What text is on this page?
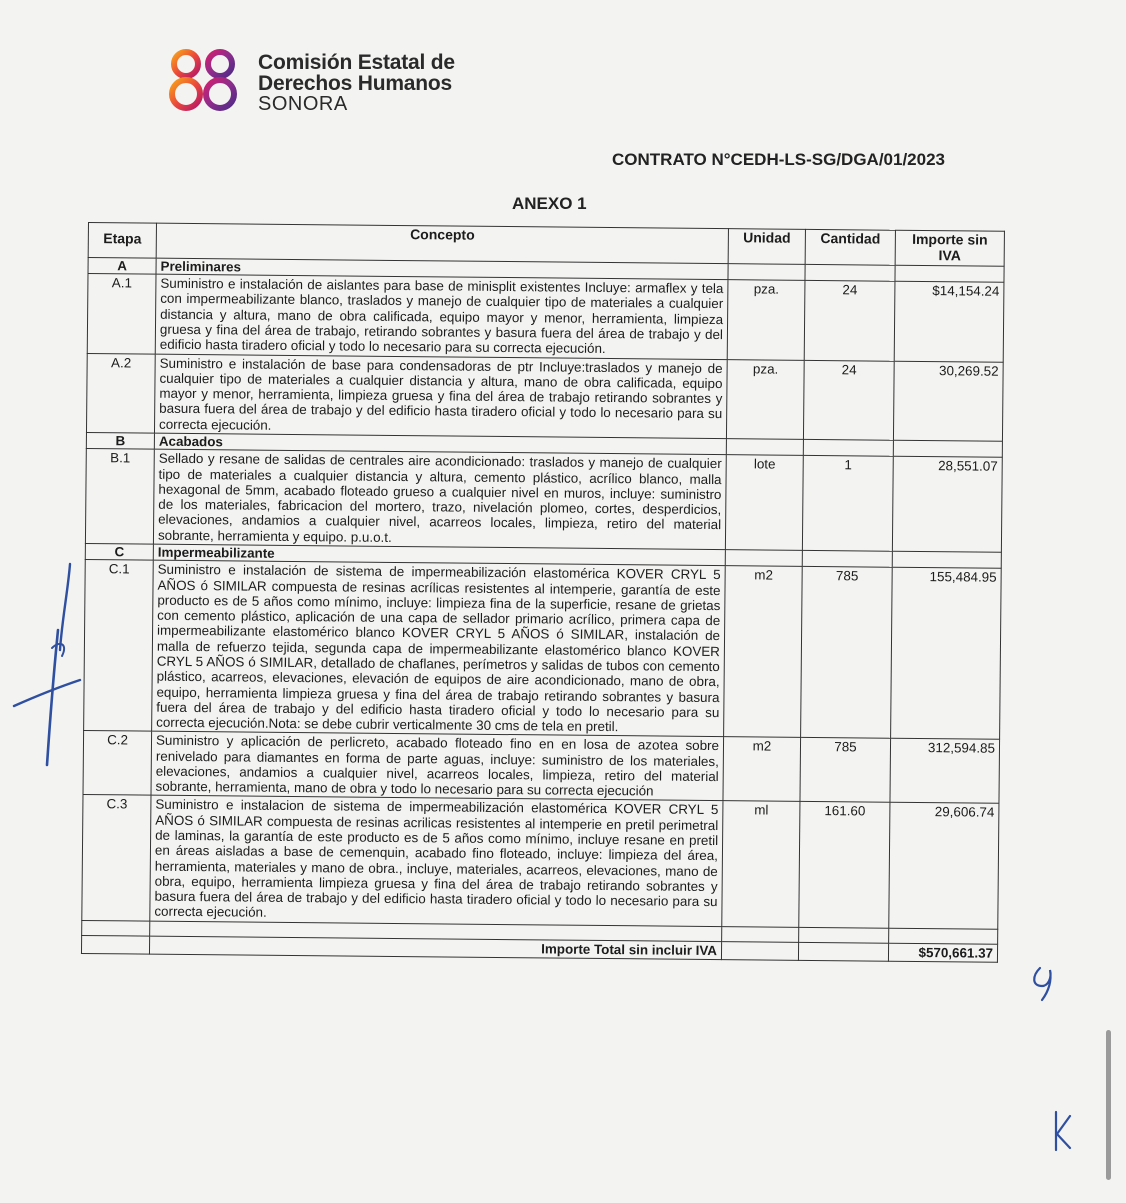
Comisión Estatal de
Derechos Humanos
SONORA
CONTRATO N°CEDH-LS-SG/DGA/01/2023
ANEXO 1
Etapa	Concepto	Unidad	Cantidad	Importe sin IVA
A	Preliminares			
A.1	Suministro e instalación de aislantes para base de minisplit existentes Incluye: armaflex y tela con impermeabilizante blanco, traslados y manejo de cualquier tipo de materiales a cualquier distancia y altura, mano de obra calificada, equipo mayor y menor, herramienta, limpieza gruesa y fina del área de trabajo, retirando sobrantes y basura fuera del área de trabajo y del edificio hasta tiradero oficial y todo lo necesario para su correcta ejecución.	pza.	24	$14,154.24
A.2	Suministro e instalación de base para condensadoras de ptr Incluye:traslados y manejo de cualquier tipo de materiales a cualquier distancia y altura, mano de obra calificada, equipo mayor y menor, herramienta, limpieza gruesa y fina del área de trabajo retirando sobrantes y basura fuera del área de trabajo y del edificio hasta tiradero oficial y todo lo necesario para su correcta ejecución.	pza.	24	30,269.52
B	Acabados			
B.1	Sellado y resane de salidas de centrales aire acondicionado: traslados y manejo de cualquier tipo de materiales a cualquier distancia y altura, cemento plástico, acrílico blanco, malla hexagonal de 5mm, acabado floteado grueso a cualquier nivel en muros, incluye: suministro de los materiales, fabricacion del mortero, trazo, nivelación plomeo, cortes, desperdicios, elevaciones, andamios a cualquier nivel, acarreos locales, limpieza, retiro del material sobrante, herramienta y equipo. p.u.o.t.	lote	1	28,551.07
C	Impermeabilizante			
C.1	Suministro e instalación de sistema de impermeabilización elastomérica KOVER CRYL 5 AÑOS ó SIMILAR compuesta de resinas acrílicas resistentes al intemperie, garantía de este producto es de 5 años como mínimo, incluye: limpieza fina de la superficie, resane de grietas con cemento plástico, aplicación de una capa de sellador primario acrílico, primera capa de impermeabilizante elastomérico blanco KOVER CRYL 5 AÑOS ó SIMILAR, instalación de malla de refuerzo tejida, segunda capa de impermeabilizante elastomérico blanco KOVER CRYL 5 AÑOS ó SIMILAR, detallado de chaflanes, perímetros y salidas de tubos con cemento plástico, acarreos, elevaciones, elevación de equipos de aire acondicionado, mano de obra, equipo, herramienta limpieza gruesa y fina del área de trabajo retirando sobrantes y basura fuera del área de trabajo y del edificio hasta tiradero oficial y todo lo necesario para su correcta ejecución.Nota: se debe cubrir verticalmente 30 cms de tela en pretil.	m2	785	155,484.95
C.2	Suministro y aplicación de perlicreto, acabado floteado fino en en losa de azotea sobre renivelado para diamantes en forma de parte aguas, incluye: suministro de los materiales, elevaciones, andamios a cualquier nivel, acarreos locales, limpieza, retiro del material sobrante, herramienta, mano de obra y todo lo necesario para su correcta ejecución	m2	785	312,594.85
C.3	Suministro e instalacion de sistema de impermeabilización elastomérica KOVER CRYL 5 AÑOS ó SIMILAR compuesta de resinas acrilicas resistentes al intemperie en pretil perimetral de laminas, la garantía de este producto es de 5 años como mínimo, incluye resane en pretil en áreas aisladas a base de cemenquin, acabado fino floteado, incluye: limpieza del área, herramienta, materiales y mano de obra., incluye, materiales, acarreos, elevaciones, mano de obra, equipo, herramienta limpieza gruesa y fina del área de trabajo retirando sobrantes y basura fuera del área de trabajo y del edificio hasta tiradero oficial y todo lo necesario para su correcta ejecución.	ml	161.60	29,606.74

	Importe Total sin incluir IVA			$570,661.37
